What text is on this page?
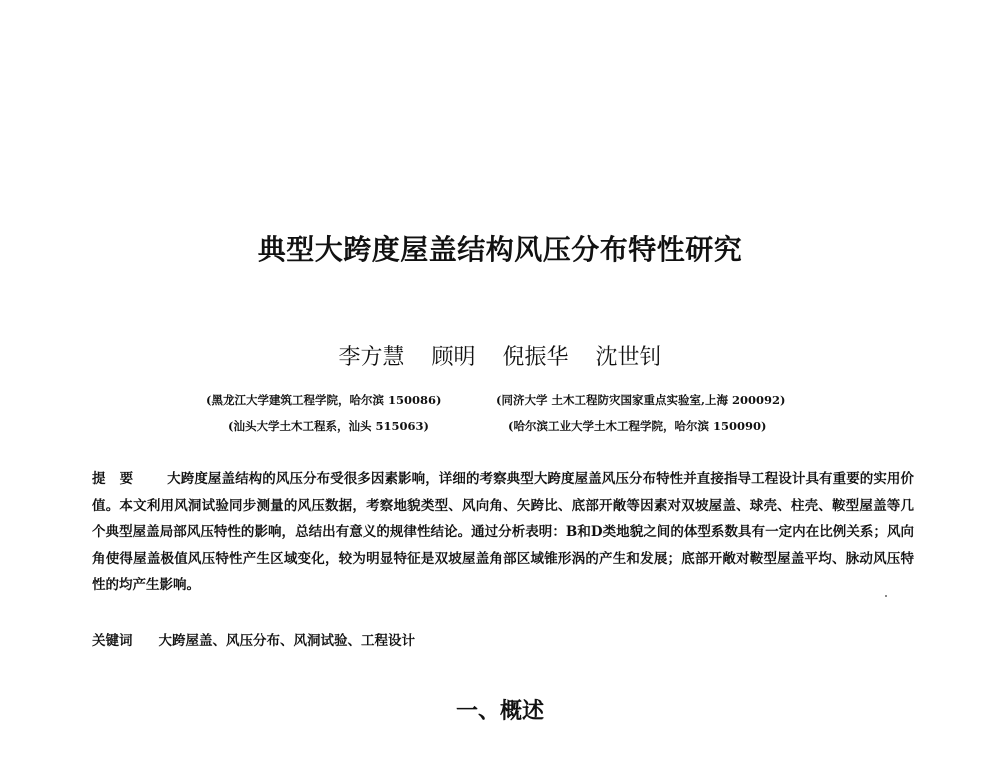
典型大跨度屋盖结构风压分布特性研究
李方慧 顾明 倪振华 沈世钊
(黑龙江大学建筑工程学院，哈尔滨 150086)	(同济大学 土木工程防灾国家重点实验室,上海 200092)
(汕头大学土木工程系，汕头 515063)	(哈尔滨工业大学土木工程学院，哈尔滨 150090)
提要 大跨度屋盖结构的风压分布受很多因素影响，详细的考察典型大跨度屋盖风压分布特性并直接指导工程设计具有重要的实用价值。本文利用风洞试验同步测量的风压数据，考察地貌类型、风向角、矢跨比、底部开敞等因素对双坡屋盖、球壳、柱壳、鞍型屋盖等几个典型屋盖局部风压特性的影响，总结出有意义的规律性结论。通过分析表明：B和D类地貌之间的体型系数具有一定内在比例关系；风向角使得屋盖极值风压特性产生区域变化，较为明显特征是双坡屋盖角部区域锥形涡的产生和发展；底部开敞对鞍型屋盖平均、脉动风压特性的均产生影响。
关键词 大跨屋盖、风压分布、风洞试验、工程设计
一、概述
